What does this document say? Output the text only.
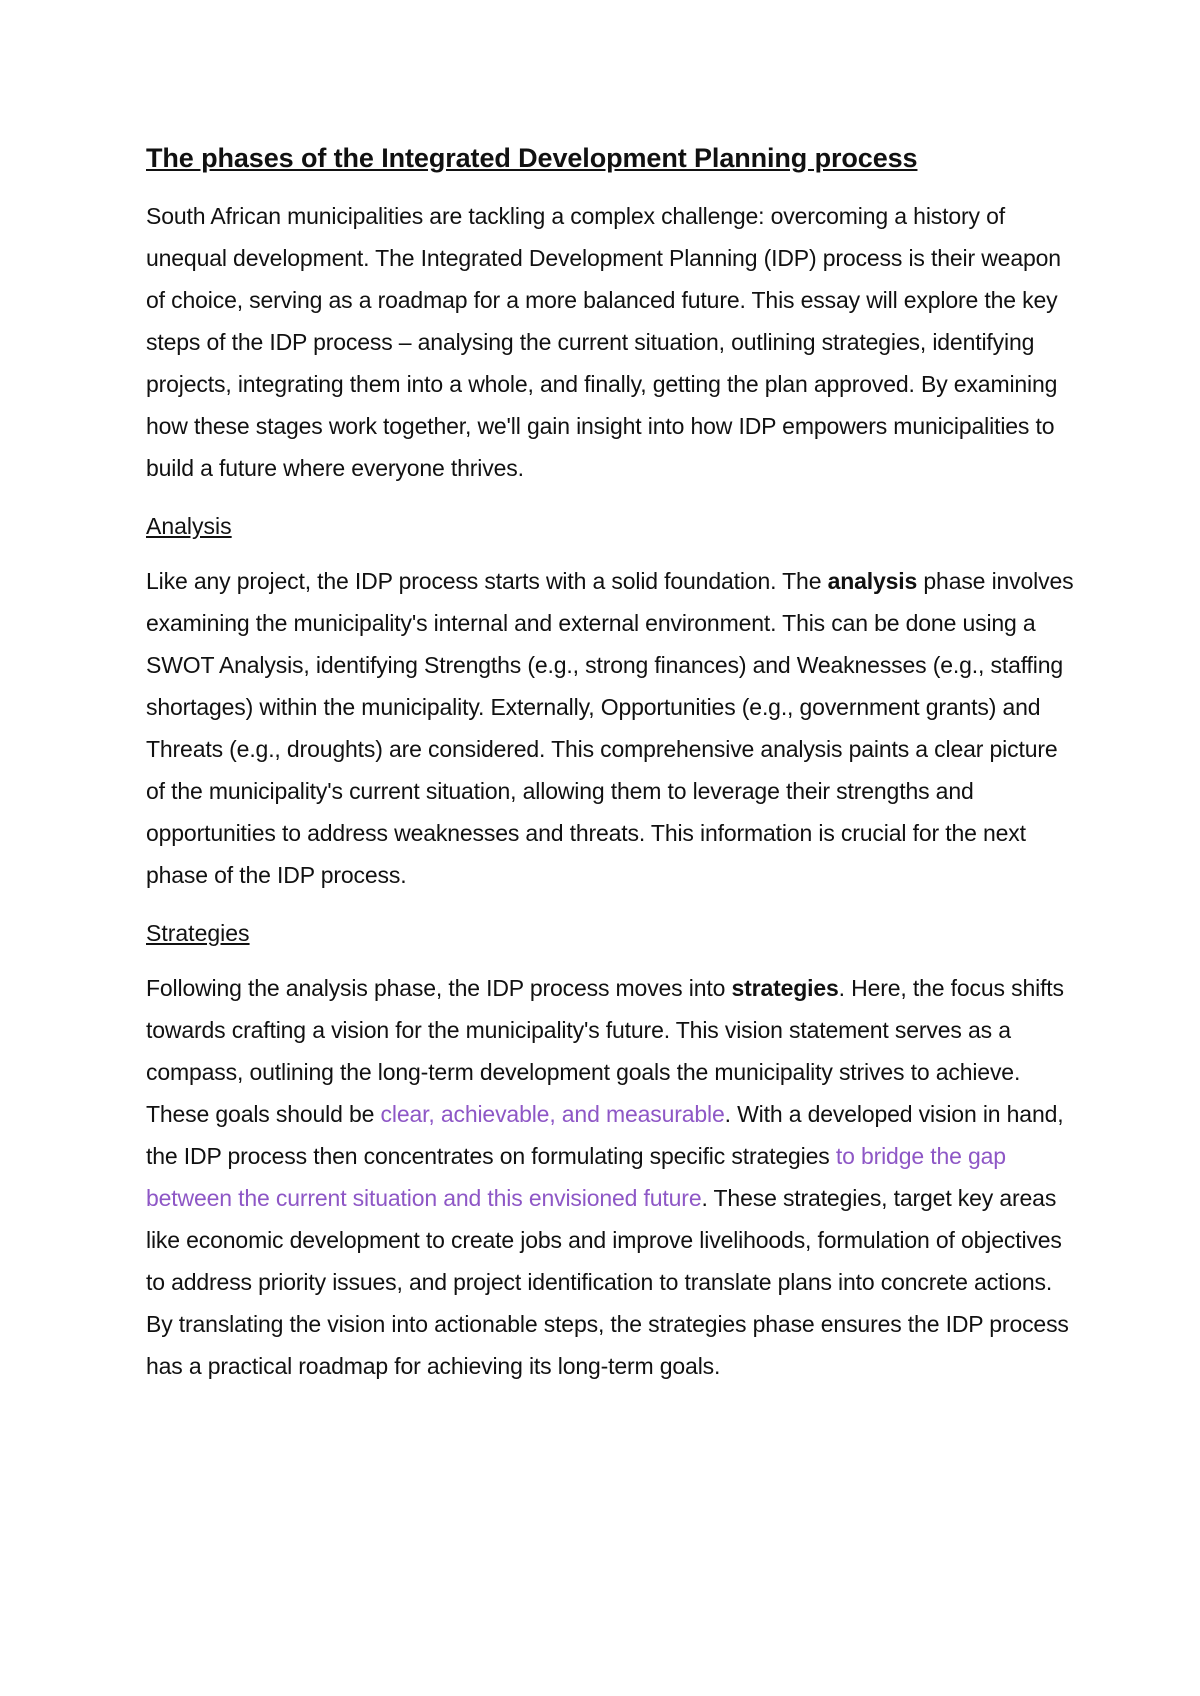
The phases of the Integrated Development Planning process

South African municipalities are tackling a complex challenge: overcoming a history of unequal development. The Integrated Development Planning (IDP) process is their weapon of choice, serving as a roadmap for a more balanced future. This essay will explore the key steps of the IDP process – analysing the current situation, outlining strategies, identifying projects, integrating them into a whole, and finally, getting the plan approved. By examining how these stages work together, we'll gain insight into how IDP empowers municipalities to build a future where everyone thrives.

Analysis

Like any project, the IDP process starts with a solid foundation. The analysis phase involves examining the municipality's internal and external environment. This can be done using a SWOT Analysis, identifying Strengths (e.g., strong finances) and Weaknesses (e.g., staffing shortages) within the municipality. Externally, Opportunities (e.g., government grants) and Threats (e.g., droughts) are considered. This comprehensive analysis paints a clear picture of the municipality's current situation, allowing them to leverage their strengths and opportunities to address weaknesses and threats. This information is crucial for the next phase of the IDP process.

Strategies

Following the analysis phase, the IDP process moves into strategies. Here, the focus shifts towards crafting a vision for the municipality's future. This vision statement serves as a compass, outlining the long-term development goals the municipality strives to achieve. These goals should be clear, achievable, and measurable. With a developed vision in hand, the IDP process then concentrates on formulating specific strategies to bridge the gap between the current situation and this envisioned future. These strategies, target key areas like economic development to create jobs and improve livelihoods, formulation of objectives to address priority issues, and project identification to translate plans into concrete actions. By translating the vision into actionable steps, the strategies phase ensures the IDP process has a practical roadmap for achieving its long-term goals.
